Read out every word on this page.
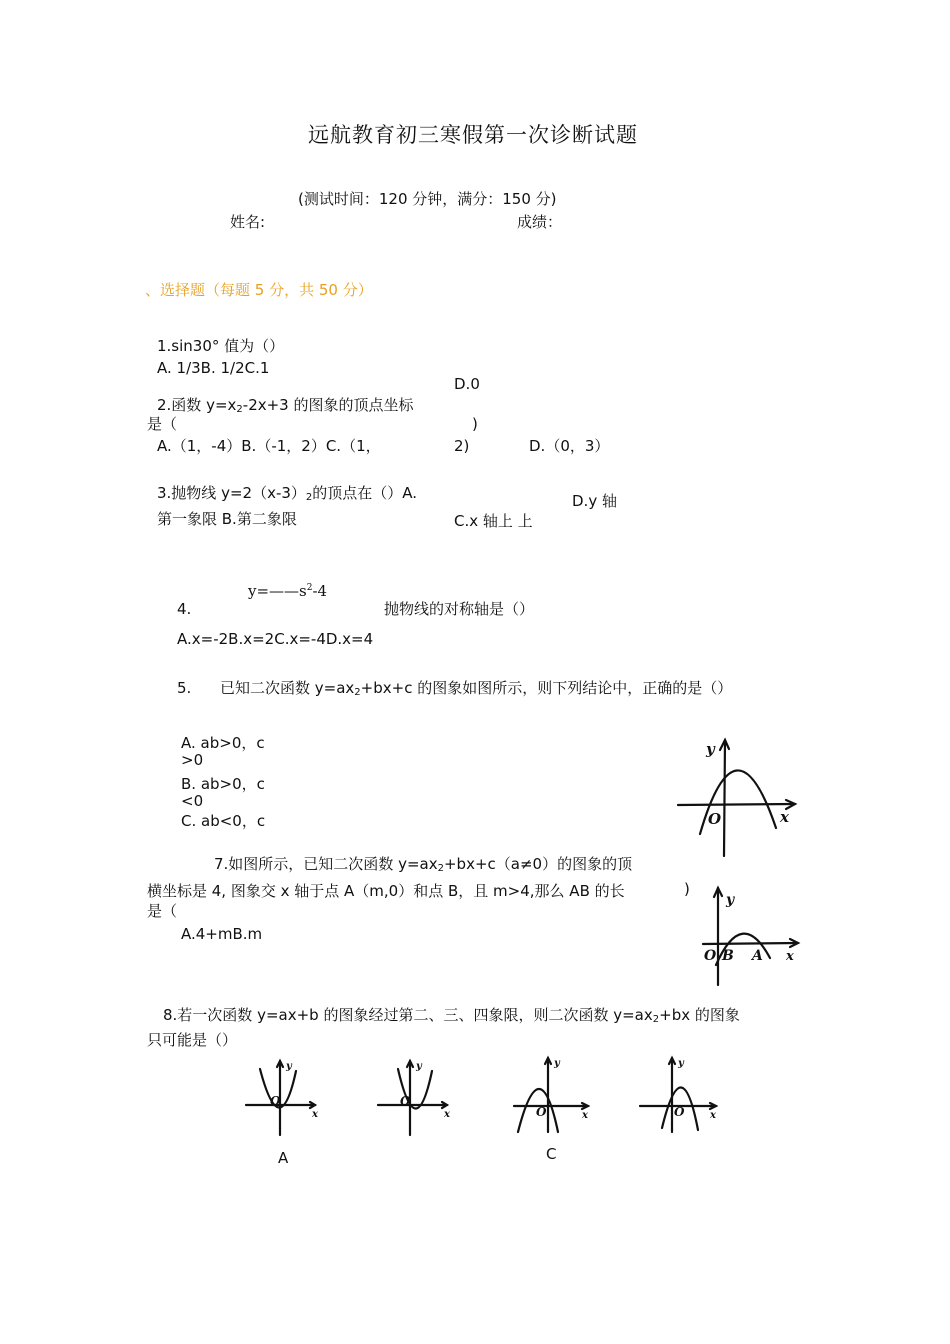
远航教育初三寒假第一次诊断试题
(测试时间：120 分钟，满分：150 分)
姓名:	成绩：
、选择题（每题 5 分，共 50 分）
1.sin30° 值为（）
A. 1/3B. 1/2C.1
D.0
2.函数 $y=x_2-2x+3$ 的图象的顶点坐标
是（	)
A.（1，-4）B.（-1，2）C.（1，	2)	D.（0，3）
3.抛物线 $y=2(x-3)_2$的顶点在（）A.	D.y 轴
第一象限 B.第二象限	C.x 轴上 上
$y=——s^2-4$
4.	抛物线的对称轴是（）
A.x=-2B.x=2C.x=-4D.x=4
5. 已知二次函数 $y=ax_2+bx+c$ 的图象如图所示，则下列结论中，正确的是（）
A. ab>0，c
>0
B. ab>0，c
<0
C. ab<0，c
y
x
O
7.如图所示，已知二次函数 $y=ax_2+bx+c(a\ne 0)$的图象的顶
横坐标是 4, 图象交 x 轴于点 A（m,0）和点 B，且 m>4,那么 AB 的长	)
是（
A.4+mB.m
y
x
O B A
8.若一次函数 y=ax+b 的图象经过第二、三、四象限，则二次函数 $y=ax_2+bx$ 的图象
只可能是（）
y
x
O
y
x
O
y
x
O
y
x
O
A	C
